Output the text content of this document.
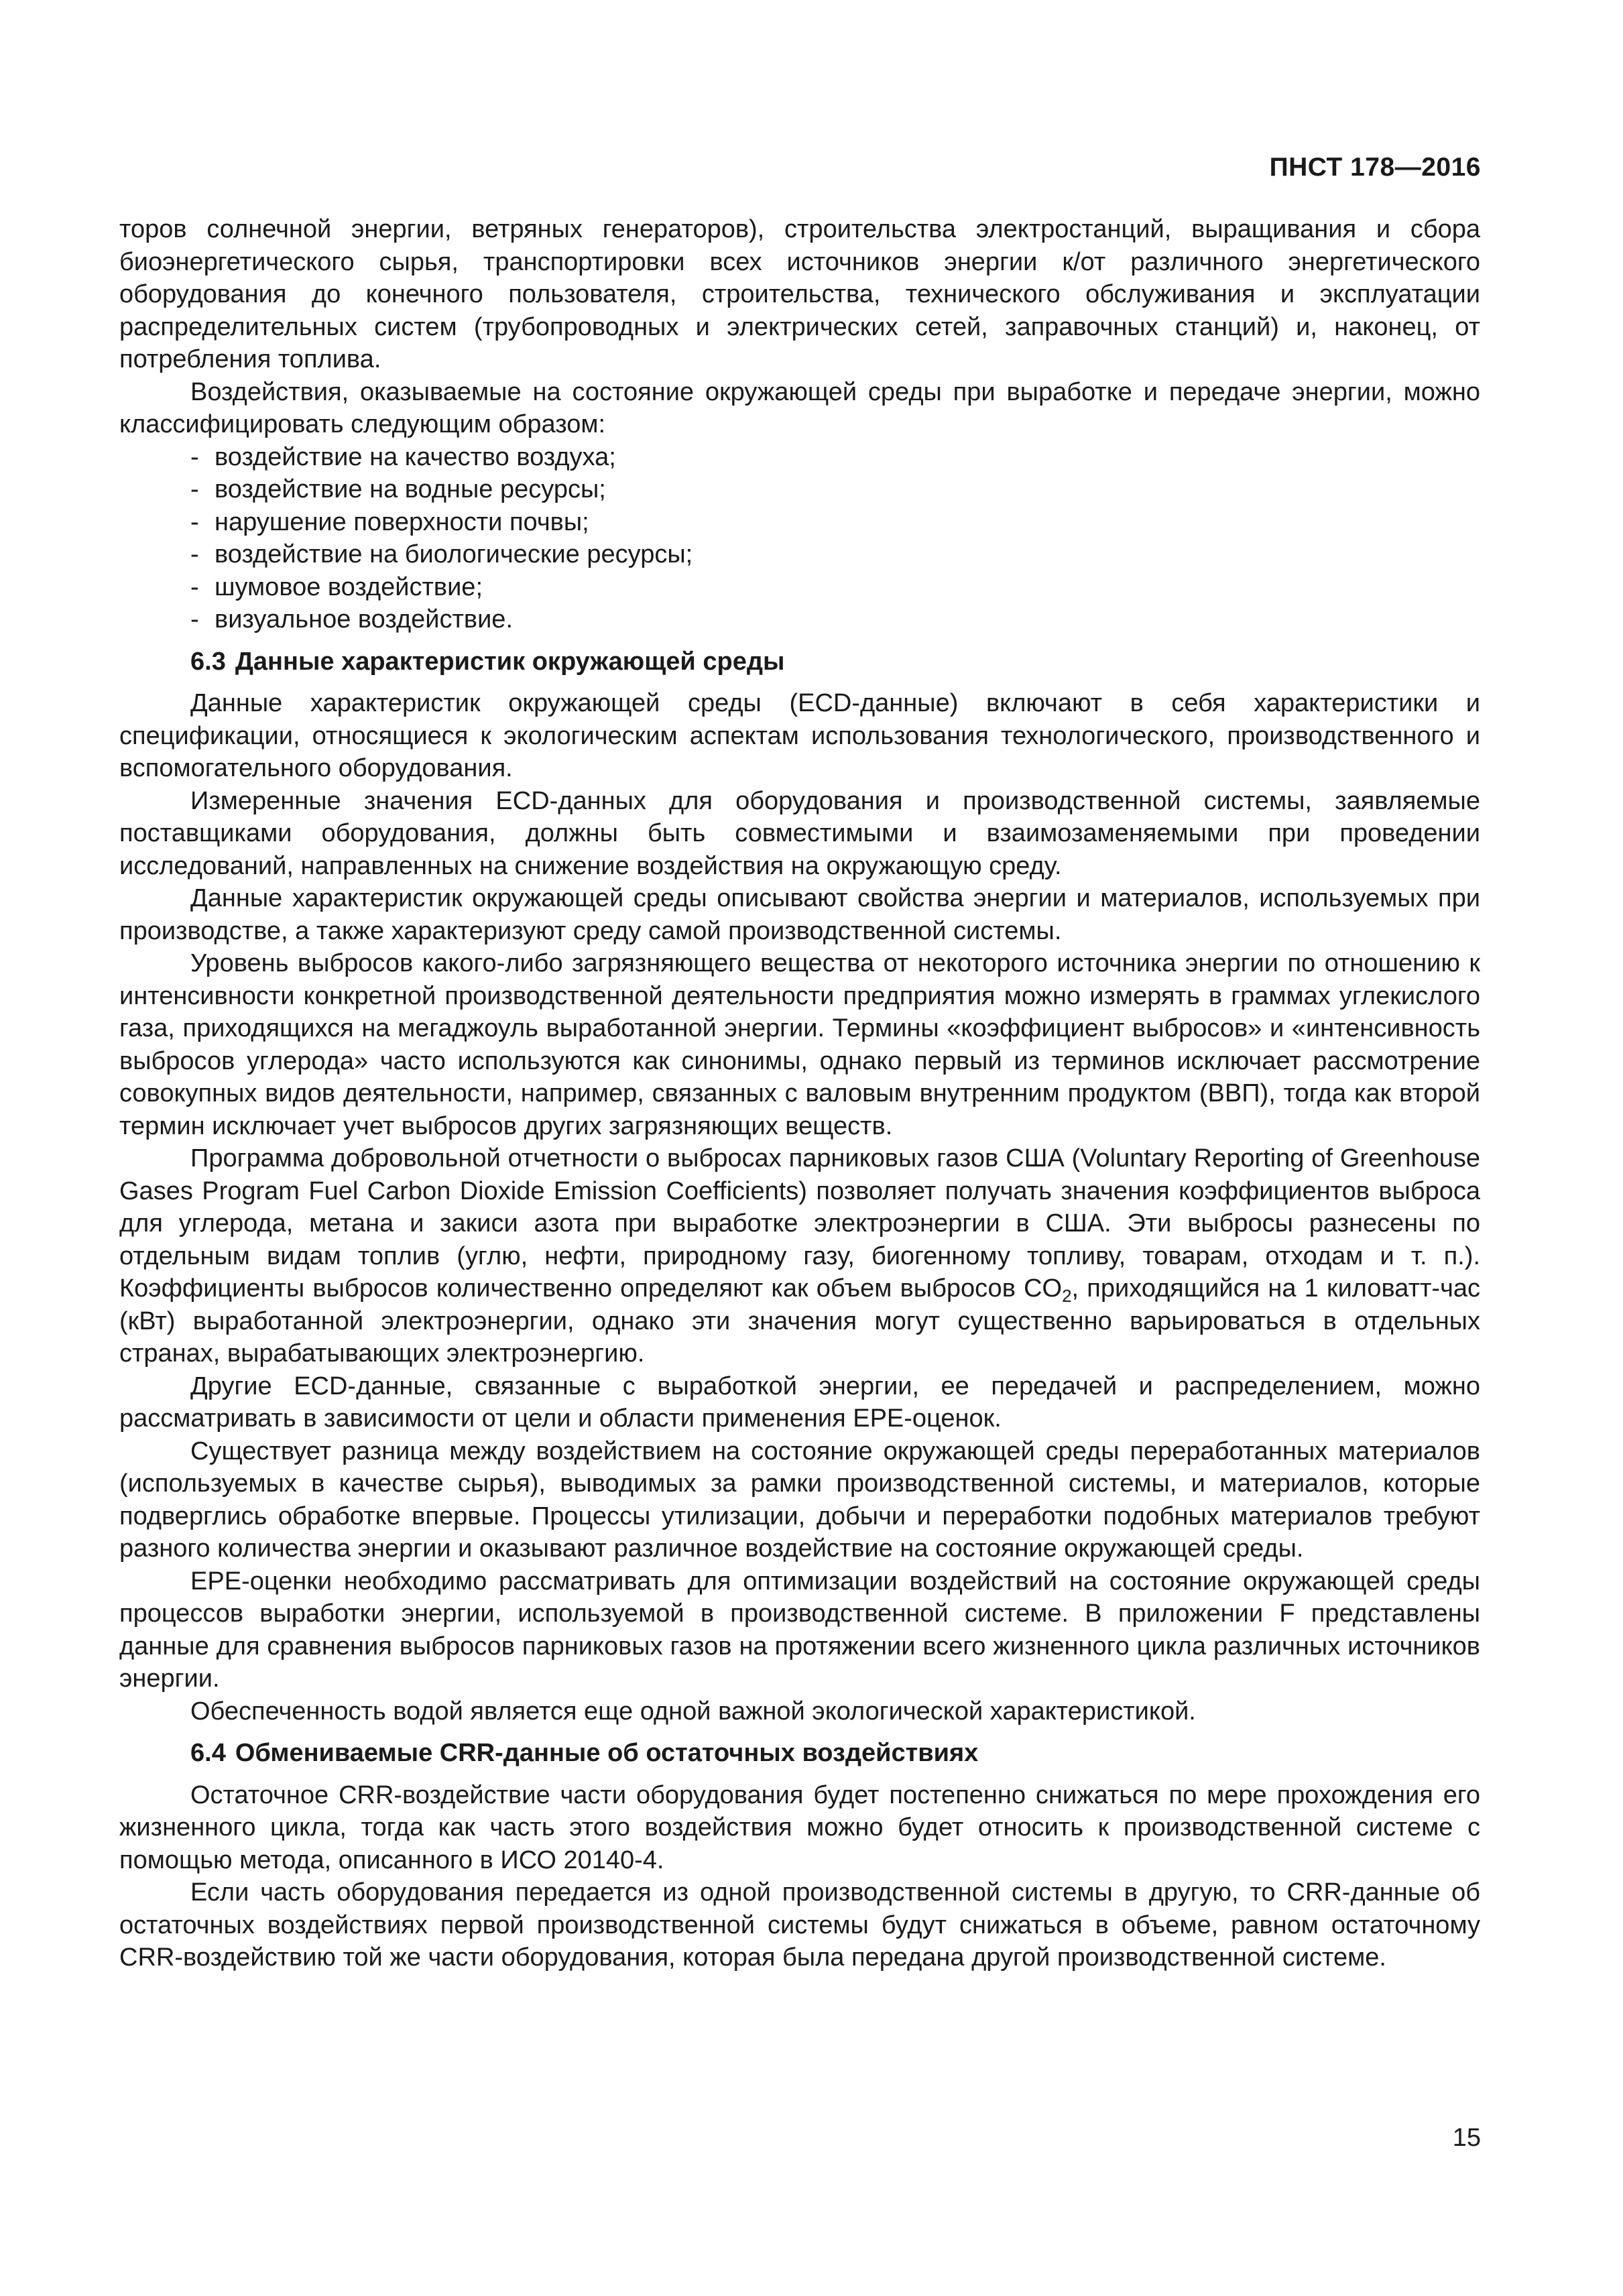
ПНСТ 178—2016

торов солнечной энергии, ветряных генераторов), строительства электростанций, выращивания и сбора биоэнергетического сырья, транспортировки всех источников энергии к/от различного энергетического оборудования до конечного пользователя, строительства, технического обслуживания и эксплуатации распределительных систем (трубопроводных и электрических сетей, заправочных станций) и, наконец, от потребления топлива.

Воздействия, оказываемые на состояние окружающей среды при выработке и передаче энергии, можно классифицировать следующим образом:

- воздействие на качество воздуха;
- воздействие на водные ресурсы;
- нарушение поверхности почвы;
- воздействие на биологические ресурсы;
- шумовое воздействие;
- визуальное воздействие.

6.3 Данные характеристик окружающей среды

Данные характеристик окружающей среды (ECD-данные) включают в себя характеристики и спецификации, относящиеся к экологическим аспектам использования технологического, производственного и вспомогательного оборудования.

Измеренные значения ECD-данных для оборудования и производственной системы, заявляемые поставщиками оборудования, должны быть совместимыми и взаимозаменяемыми при проведении исследований, направленных на снижение воздействия на окружающую среду.

Данные характеристик окружающей среды описывают свойства энергии и материалов, используемых при производстве, а также характеризуют среду самой производственной системы.

Уровень выбросов какого-либо загрязняющего вещества от некоторого источника энергии по отношению к интенсивности конкретной производственной деятельности предприятия можно измерять в граммах углекислого газа, приходящихся на мегаджоуль выработанной энергии. Термины «коэффициент выбросов» и «интенсивность выбросов углерода» часто используются как синонимы, однако первый из терминов исключает рассмотрение совокупных видов деятельности, например, связанных с валовым внутренним продуктом (ВВП), тогда как второй термин исключает учет выбросов других загрязняющих веществ.

Программа добровольной отчетности о выбросах парниковых газов США (Voluntary Reporting of Greenhouse Gases Program Fuel Carbon Dioxide Emission Coefficients) позволяет получать значения коэффициентов выброса для углерода, метана и закиси азота при выработке электроэнергии в США. Эти выбросы разнесены по отдельным видам топлив (углю, нефти, природному газу, биогенному топливу, товарам, отходам и т. п.). Коэффициенты выбросов количественно определяют как объем выбросов $CO_2$, приходящийся на 1 киловатт-час (кВт) выработанной электроэнергии, однако эти значения могут существенно варьироваться в отдельных странах, вырабатывающих электроэнергию.

Другие ECD-данные, связанные с выработкой энергии, ее передачей и распределением, можно рассматривать в зависимости от цели и области применения EPE-оценок.

Существует разница между воздействием на состояние окружающей среды переработанных материалов (используемых в качестве сырья), выводимых за рамки производственной системы, и материалов, которые подверглись обработке впервые. Процессы утилизации, добычи и переработки подобных материалов требуют разного количества энергии и оказывают различное воздействие на состояние окружающей среды.

EPE-оценки необходимо рассматривать для оптимизации воздействий на состояние окружающей среды процессов выработки энергии, используемой в производственной системе. В приложении F представлены данные для сравнения выбросов парниковых газов на протяжении всего жизненного цикла различных источников энергии.

Обеспеченность водой является еще одной важной экологической характеристикой.

6.4 Обмениваемые CRR-данные об остаточных воздействиях

Остаточное CRR-воздействие части оборудования будет постепенно снижаться по мере прохождения его жизненного цикла, тогда как часть этого воздействия можно будет относить к производственной системе с помощью метода, описанного в ИСО 20140-4.

Если часть оборудования передается из одной производственной системы в другую, то CRR-данные об остаточных воздействиях первой производственной системы будут снижаться в объеме, равном остаточному CRR-воздействию той же части оборудования, которая была передана другой производственной системе.

15
